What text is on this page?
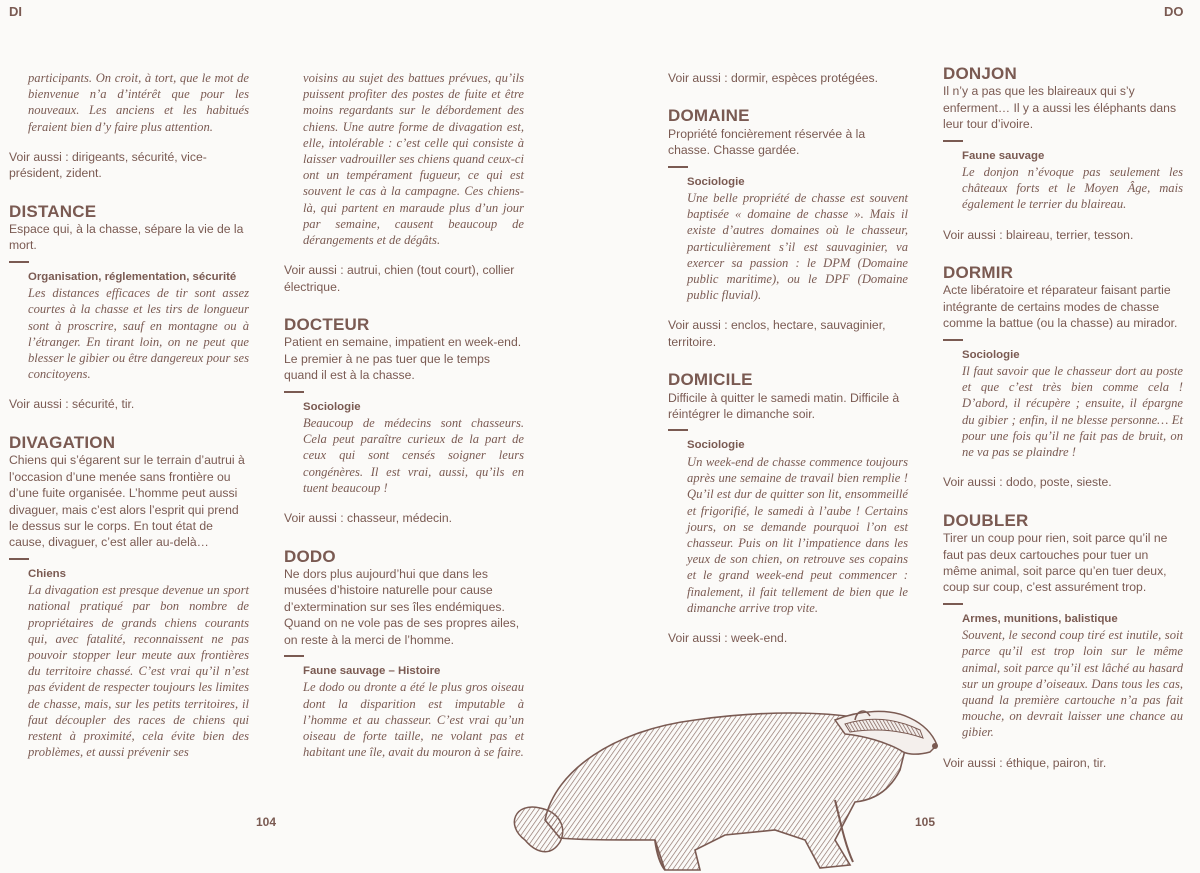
DI	DO
participants. On croit, à tort, que le mot de bienvenue n’a d’intérêt que pour les nouveaux. Les anciens et les habitués feraient bien d’y faire plus attention.
Voir aussi : dirigeants, sécurité, vice-président, zident.
DISTANCE

Espace qui, à la chasse, sépare la vie de la mort.

Organisation, réglementation, sécurité
Les distances efficaces de tir sont assez courtes à la chasse et les tirs de longueur sont à proscrire, sauf en montagne ou à l’étranger. En tirant loin, on ne peut que blesser le gibier ou être dangereux pour ses concitoyens.
Voir aussi : sécurité, tir.
DIVAGATION

Chiens qui s’égarent sur le terrain d’autrui à l’occasion d’une menée sans frontière ou d’une fuite organisée. L’homme peut aussi divaguer, mais c’est alors l’esprit qui prend le dessus sur le corps. En tout état de cause, divaguer, c’est aller au-delà…

Chiens
La divagation est presque devenue un sport national pratiqué par bon nombre de propriétaires de grands chiens courants qui, avec fatalité, reconnaissent ne pas pouvoir stopper leur meute aux frontières du territoire chassé. C’est vrai qu’il n’est pas évident de respecter toujours les limites de chasse, mais, sur les petits territoires, il faut découpler des races de chiens qui restent à proximité, cela évite bien des problèmes, et aussi prévenir ses
voisins au sujet des battues prévues, qu’ils puissent profiter des postes de fuite et être moins regardants sur le débordement des chiens. Une autre forme de divagation est, elle, intolérable : c’est celle qui consiste à laisser vadrouiller ses chiens quand ceux-ci ont un tempérament fugueur, ce qui est souvent le cas à la campagne. Ces chiens-là, qui partent en maraude plus d’un jour par semaine, causent beaucoup de dérangements et de dégâts.
Voir aussi : autrui, chien (tout court), collier électrique.
DOCTEUR

Patient en semaine, impatient en week-end. Le premier à ne pas tuer que le temps quand il est à la chasse.

Sociologie
Beaucoup de médecins sont chasseurs. Cela peut paraître curieux de la part de ceux qui sont censés soigner leurs congénères. Il est vrai, aussi, qu’ils en tuent beaucoup !
Voir aussi : chasseur, médecin.
DODO

Ne dors plus aujourd’hui que dans les musées d’histoire naturelle pour cause d’extermination sur ses îles endémiques. Quand on ne vole pas de ses propres ailes, on reste à la merci de l’homme.

Faune sauvage – Histoire
Le dodo ou dronte a été le plus gros oiseau dont la disparition est imputable à l’homme et au chasseur. C’est vrai qu’un oiseau de forte taille, ne volant pas et habitant une île, avait du mouron à se faire.
Voir aussi : dormir, espèces protégées.
DOMAINE

Propriété foncièrement réservée à la chasse. Chasse gardée.

Sociologie
Une belle propriété de chasse est souvent baptisée « domaine de chasse ». Mais il existe d’autres domaines où le chasseur, particulièrement s’il est sauvaginier, va exercer sa passion : le DPM (Domaine public maritime), ou le DPF (Domaine public fluvial).
Voir aussi : enclos, hectare, sauvaginier, territoire.
DOMICILE

Difficile à quitter le samedi matin. Difficile à réintégrer le dimanche soir.

Sociologie
Un week-end de chasse commence toujours après une semaine de travail bien remplie ! Qu’il est dur de quitter son lit, ensommeillé et frigorifié, le samedi à l’aube ! Certains jours, on se demande pourquoi l’on est chasseur. Puis on lit l’impatience dans les yeux de son chien, on retrouve ses copains et le grand week-end peut commencer : finalement, il fait tellement de bien que le dimanche arrive trop vite.
Voir aussi : week-end.
DONJON

Il n’y a pas que les blaireaux qui s’y enferment… Il y a aussi les éléphants dans leur tour d’ivoire.

Faune sauvage
Le donjon n’évoque pas seulement les châteaux forts et le Moyen Âge, mais également le terrier du blaireau.
Voir aussi : blaireau, terrier, tesson.
DORMIR

Acte libératoire et réparateur faisant partie intégrante de certains modes de chasse comme la battue (ou la chasse) au mirador.

Sociologie
Il faut savoir que le chasseur dort au poste et que c’est très bien comme cela ! D’abord, il récupère ; ensuite, il épargne du gibier ; enfin, il ne blesse personne… Et pour une fois qu’il ne fait pas de bruit, on ne va pas se plaindre !
Voir aussi : dodo, poste, sieste.
DOUBLER

Tirer un coup pour rien, soit parce qu’il ne faut pas deux cartouches pour tuer un même animal, soit parce qu’en tuer deux, coup sur coup, c’est assurément trop.

Armes, munitions, balistique
Souvent, le second coup tiré est inutile, soit parce qu’il est trop loin sur le même animal, soit parce qu’il est lâché au hasard sur un groupe d’oiseaux. Dans tous les cas, quand la première cartouche n’a pas fait mouche, on devrait laisser une chance au gibier.
Voir aussi : éthique, pairon, tir.
104	105
